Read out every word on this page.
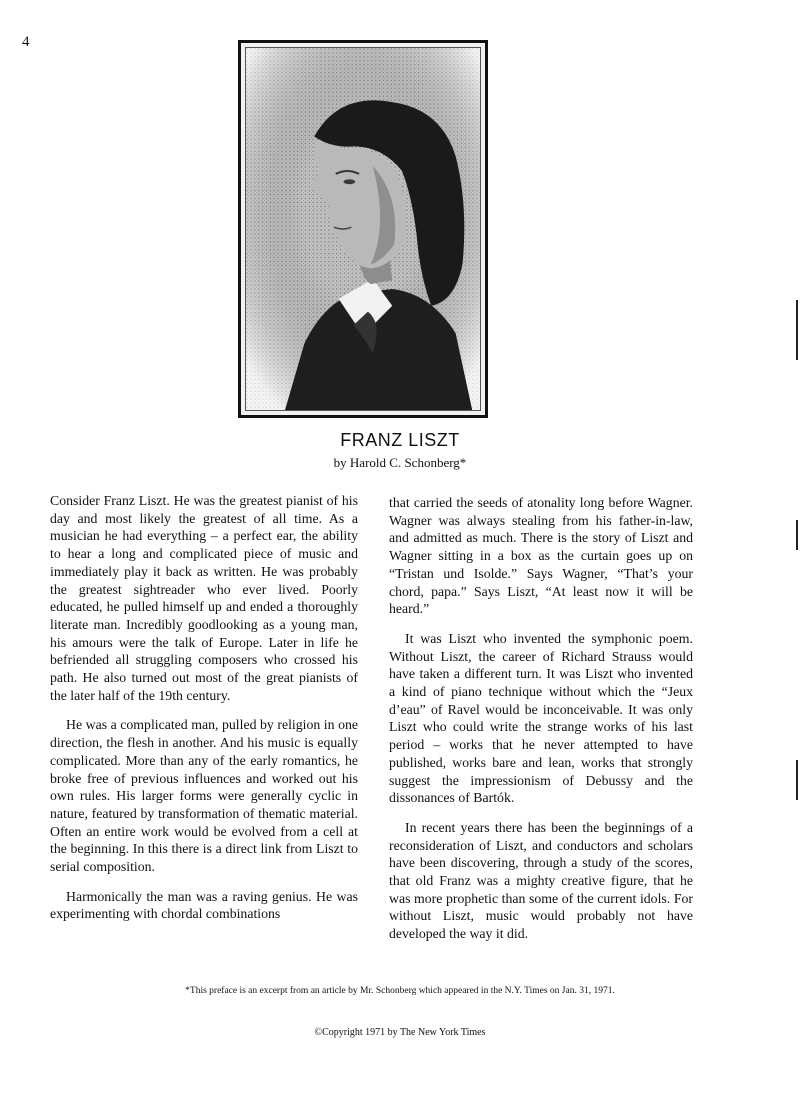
4
FRANZ LISZT
by Harold C. Schonberg*

Consider Franz Liszt. He was the greatest pianist of his day and most likely the greatest of all time. As a musician he had everything – a perfect ear, the ability to hear a long and complicated piece of music and immediately play it back as written. He was probably the greatest sightreader who ever lived. Poorly educated, he pulled himself up and ended a thoroughly literate man. Incredibly goodlooking as a young man, his amours were the talk of Europe. Later in life he befriended all struggling composers who crossed his path. He also turned out most of the great pianists of the later half of the 19th century.

He was a complicated man, pulled by religion in one direction, the flesh in another. And his music is equally complicated. More than any of the early romantics, he broke free of previous influences and worked out his own rules. His larger forms were generally cyclic in nature, featured by transformation of thematic material. Often an entire work would be evolved from a cell at the beginning. In this there is a direct link from Liszt to serial composition.

Harmonically the man was a raving genius. He was experimenting with chordal combinations

that carried the seeds of atonality long before Wagner. Wagner was always stealing from his father-in-law, and admitted as much. There is the story of Liszt and Wagner sitting in a box as the curtain goes up on “Tristan und Isolde.” Says Wagner, “That’s your chord, papa.” Says Liszt, “At least now it will be heard.”

It was Liszt who invented the symphonic poem. Without Liszt, the career of Richard Strauss would have taken a different turn. It was Liszt who invented a kind of piano technique without which the “Jeux d’eau” of Ravel would be inconceivable. It was only Liszt who could write the strange works of his last period – works that he never attempted to have published, works bare and lean, works that strongly suggest the impressionism of Debussy and the dissonances of Bartók.

In recent years there has been the beginnings of a reconsideration of Liszt, and conductors and scholars have been discovering, through a study of the scores, that old Franz was a mighty creative figure, that he was more prophetic than some of the current idols. For without Liszt, music would probably not have developed the way it did.

*This preface is an excerpt from an article by Mr. Schonberg which appeared in the N.Y. Times on Jan. 31, 1971.
©Copyright 1971 by The New York Times
